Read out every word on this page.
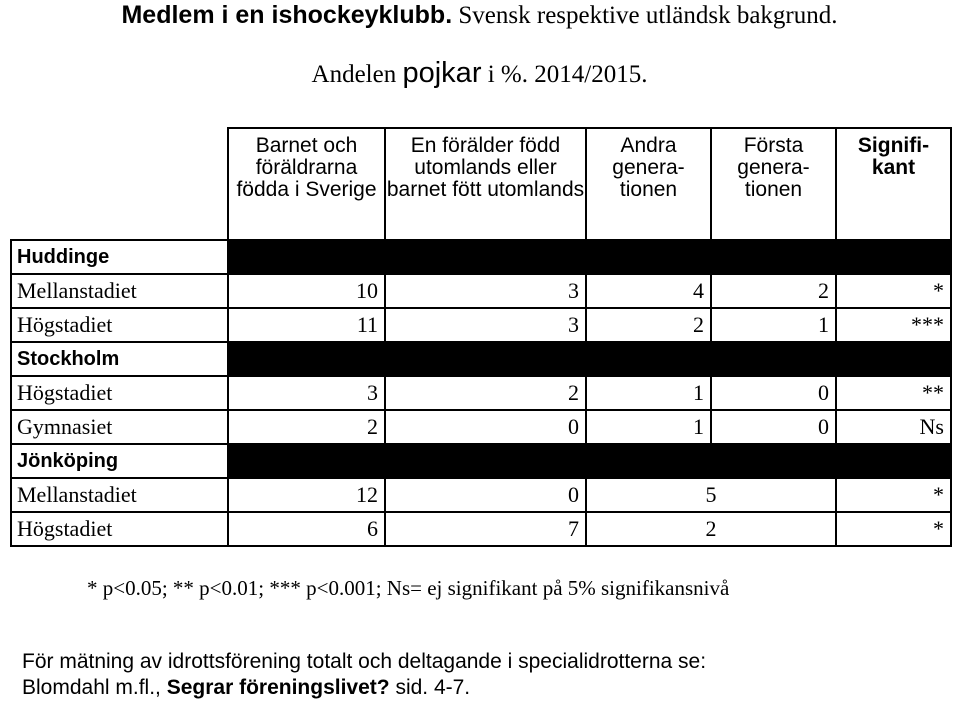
Medlem i en ishockeyklubb. Svensk respektive utländsk bakgrund.
Andelen pojkar i %. 2014/2015.
	Barnet och föräldrarna födda i Sverige	En förälder född utomlands eller barnet fött utomlands	Andra genera-tionen	Första genera-tionen	Signifi-kant
Huddinge					
Mellanstadiet	10	3	4	2	*
Högstadiet	11	3	2	1	***
Stockholm					
Högstadiet	3	2	1	0	**
Gymnasiet	2	0	1	0	Ns
Jönköping					
Mellanstadiet	12	0	5		*
Högstadiet	6	7	2		*
* p<0.05; ** p<0.01; *** p<0.001; Ns= ej signifikant på 5% signifikansnivå
För mätning av idrottsförening totalt och deltagande i specialidrotterna se:
Blomdahl m.fl., Segrar föreningslivet? sid. 4-7.
